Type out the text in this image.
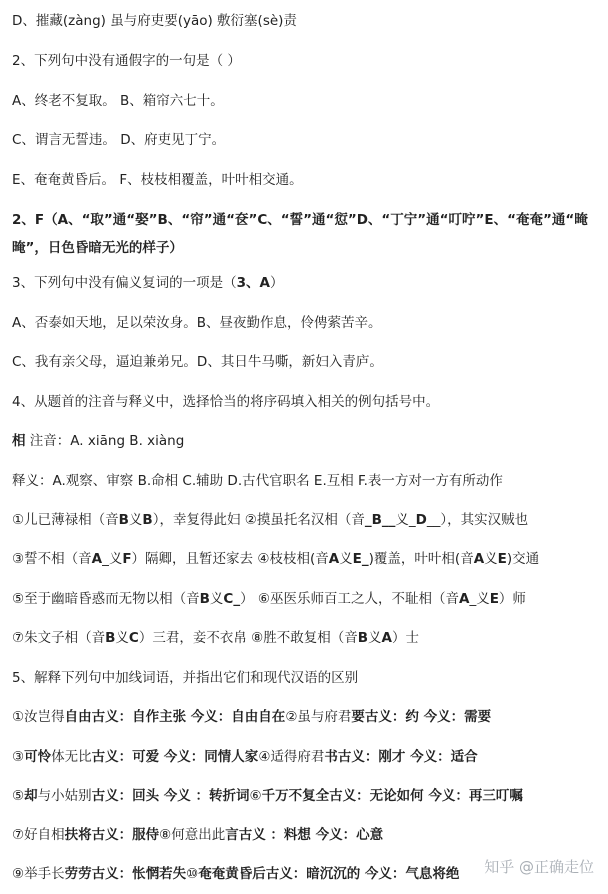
D、摧藏(zàng) 虽与府吏要(yāo) 敷衍塞(sè)责
2、下列句中没有通假字的一句是（ ）
A、终老不复取。 B、箱帘六七十。
C、谓言无誓违。 D、府吏见丁宁。
E、奄奄黄昏后。 F、枝枝相覆盖，叶叶相交通。
2、F（A、“取”通“娶”B、“帘”通“奁”C、“誓”通“愆”D、“丁宁”通“叮咛”E、“奄奄”通“晻晻”，日色昏暗无光的样子）
3、下列句中没有偏义复词的一项是（3、A）
A、否泰如天地，足以荣汝身。B、昼夜勤作息，伶俜萦苦辛。
C、我有亲父母，逼迫兼弟兄。D、其日牛马嘶，新妇入青庐。
4、从题首的注音与释义中，选择恰当的将序码填入相关的例句括号中。
相 注音：A. xiāng B. xiàng
释义：A.观察、审察 B.命相 C.辅助 D.古代官职名 E.互相 F.表一方对一方有所动作
①儿已薄禄相（音B义B），幸复得此妇 ②摸虽托名汉相（音_B__义_D__），其实汉贼也
③誓不相（音A_义F）隔卿，且暂还家去 ④枝枝相(音A义E_)覆盖，叶叶相(音A义E)交通
⑤至于幽暗昏惑而无物以相（音B义C_） ⑥巫医乐师百工之人，不耻相（音A_义E）师
⑦朱文子相（音B义C）三君，妾不衣帛 ⑧胜不敢复相（音B义A）士
5、解释下列句中加线词语，并指出它们和现代汉语的区别
①汝岂得自由古义：自作主张 今义：自由自在②虽与府君要古义：约 今义：需要
③可怜体无比古义：可爱 今义：同情人家④适得府君书古义：刚才 今义：适合
⑤却与小姑别古义：回头 今义 ：转折词⑥千万不复全古义：无论如何 今义：再三叮嘱
⑦好自相扶将古义：服侍⑧何意出此言古义 ：料想 今义：心意
⑨举手长劳劳古义：怅惘若失⑩奄奄黄昏后古义：暗沉沉的 今义：气息将绝	知乎 @正确走位
